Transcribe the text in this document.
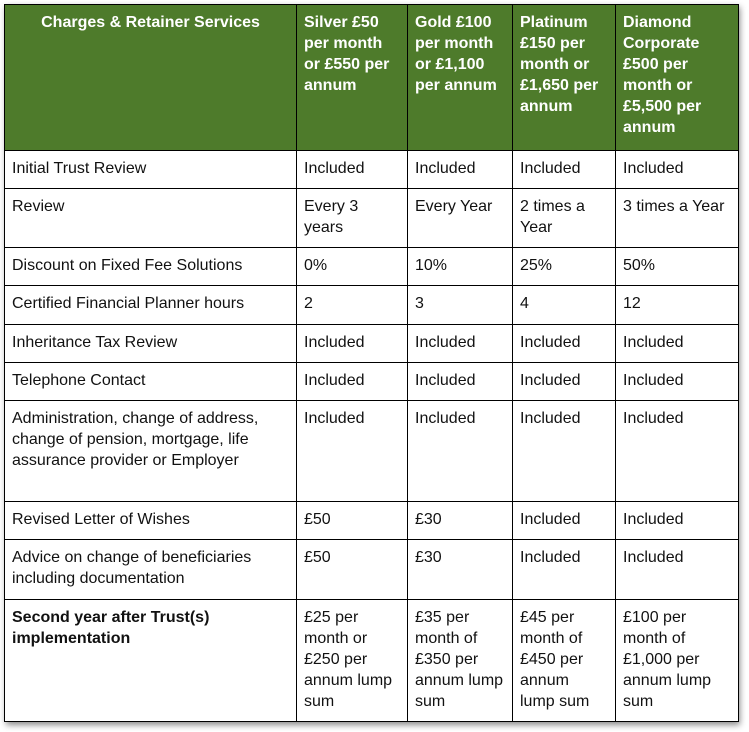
Charges & Retainer Services	Silver £50 per month or £550 per annum	Gold £100 per month or £1,100 per annum	Platinum £150 per month or £1,650 per annum	Diamond Corporate £500 per month or £5,500 per annum
Initial Trust Review	Included	Included	Included	Included
Review	Every 3 years	Every Year	2 times a Year	3 times a Year
Discount on Fixed Fee Solutions	0%	10%	25%	50%
Certified Financial Planner hours	2	3	4	12
Inheritance Tax Review	Included	Included	Included	Included
Telephone Contact	Included	Included	Included	Included
Administration, change of address, change of pension, mortgage, life assurance provider or Employer	Included	Included	Included	Included
Revised Letter of Wishes	£50	£30	Included	Included
Advice on change of beneficiaries including documentation	£50	£30	Included	Included
Second year after Trust(s) implementation	£25 per month or £250 per annum lump sum	£35 per month of £350 per annum lump sum	£45 per month of £450 per annum lump sum	£100 per month of £1,000 per annum lump sum
